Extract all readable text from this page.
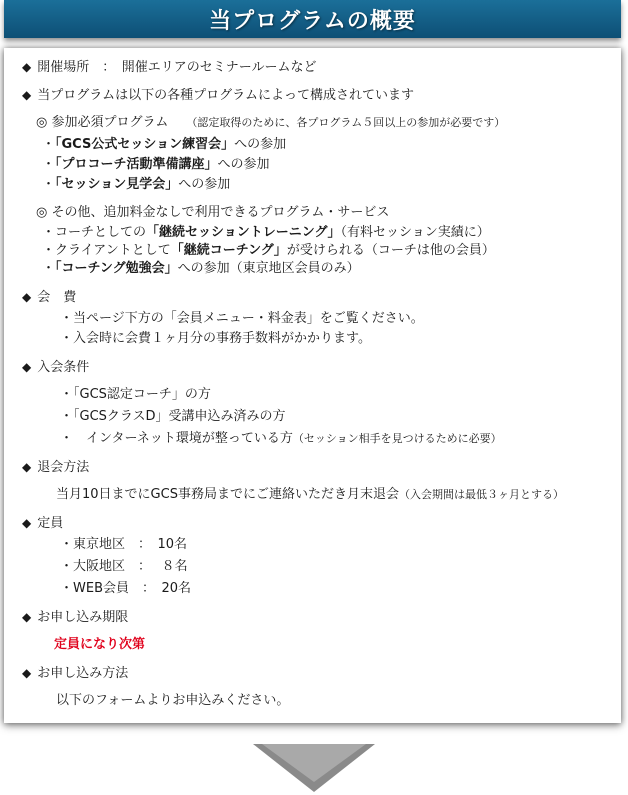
当プログラムの概要
◆ 開催場所　：　開催エリアのセミナールームなど
◆ 当プログラムは以下の各種プログラムによって構成されています
◎ 参加必須プログラム （認定取得のために、各プログラム５回以上の参加が必要です）
・「GCS公式セッション練習会」への参加
・「プロコーチ活動準備講座」への参加
・「セッション見学会」への参加
◎ その他、追加料金なしで利用できるプログラム・サービス
・コーチとしての「継続セッショントレーニング」（有料セッション実績に）
・クライアントとして「継続コーチング」が受けられる（コーチは他の会員）
・「コーチング勉強会」への参加（東京地区会員のみ）
◆ 会　費
・当ページ下方の「会員メニュー・料金表」をご覧ください。
・入会時に会費１ヶ月分の事務手数料がかかります。
◆ 入会条件
・「GCS認定コーチ」の方
・「GCSクラスD」受講申込み済みの方
・　インターネット環境が整っている方（セッション相手を見つけるために必要）
◆ 退会方法
当月10日までにGCS事務局までにご連絡いただき月末退会（入会期間は最低３ヶ月とする）
◆ 定員
・東京地区　：　10名
・大阪地区　：　 ８名
・WEB会員　：　20名
◆ お申し込み期限
定員になり次第
◆ お申し込み方法
以下のフォームよりお申込みください。
